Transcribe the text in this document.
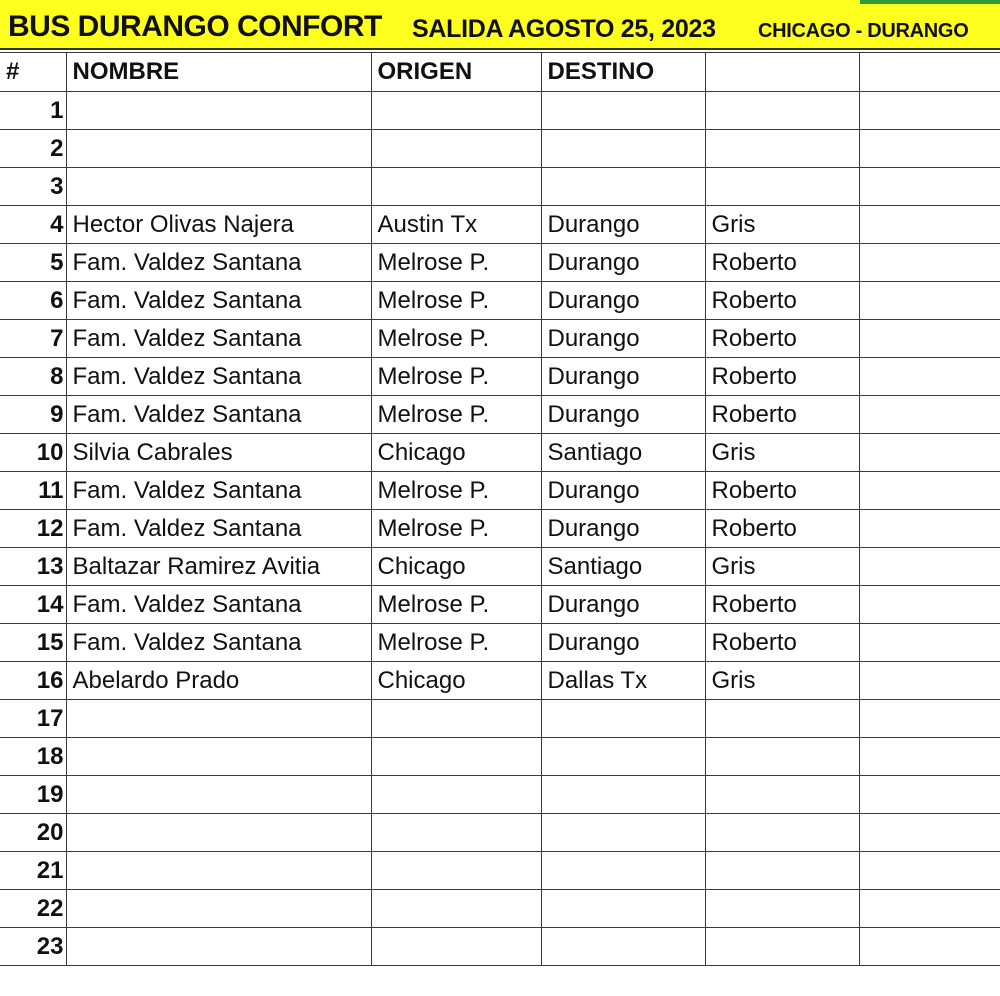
BUS DURANGO CONFORT SALIDA AGOSTO 25, 2023 CHICAGO - DURANGO
#	NOMBRE	ORIGEN	DESTINO		
1					
2					
3					
4	Hector Olivas Najera	Austin Tx	Durango	Gris	
5	Fam. Valdez Santana	Melrose P.	Durango	Roberto	
6	Fam. Valdez Santana	Melrose P.	Durango	Roberto	
7	Fam. Valdez Santana	Melrose P.	Durango	Roberto	
8	Fam. Valdez Santana	Melrose P.	Durango	Roberto	
9	Fam. Valdez Santana	Melrose P.	Durango	Roberto	
10	Silvia Cabrales	Chicago	Santiago	Gris	
11	Fam. Valdez Santana	Melrose P.	Durango	Roberto	
12	Fam. Valdez Santana	Melrose P.	Durango	Roberto	
13	Baltazar Ramirez Avitia	Chicago	Santiago	Gris	
14	Fam. Valdez Santana	Melrose P.	Durango	Roberto	
15	Fam. Valdez Santana	Melrose P.	Durango	Roberto	
16	Abelardo Prado	Chicago	Dallas Tx	Gris	
17					
18					
19					
20					
21					
22					
23					
